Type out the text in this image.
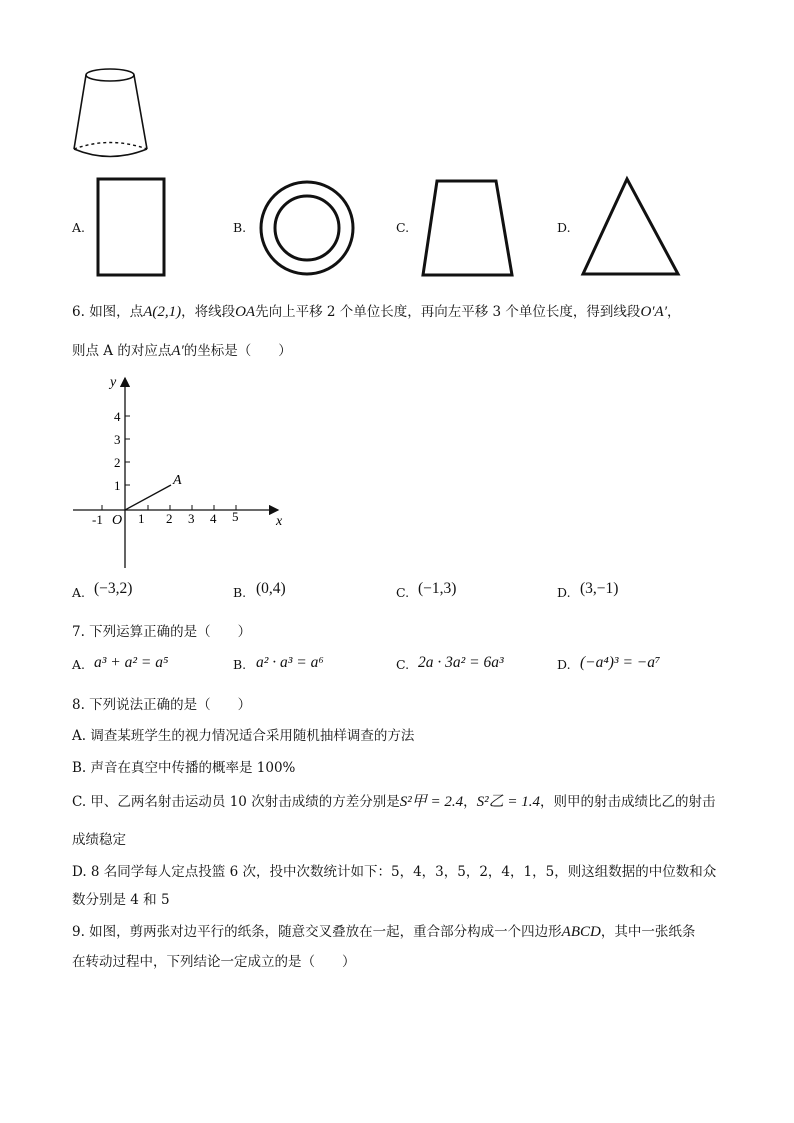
A.	B.	C.	D.
6. 如图，点A(2,1)，将线段OA先向上平移 2 个单位长度，再向左平移 3 个单位长度，得到线段O′A′，
则点 A 的对应点A′的坐标是（　　）
y
x
O
4
3
2
1
-1	1 2 3 4 5
A
A. (−3,2)	B. (0,4)	C. (−1,3)	D. (3,−1)
7. 下列运算正确的是（　　）
A. a³ + a² = a⁵	B. a² · a³ = a⁶	C. 2a · 3a² = 6a³	D. (−a⁴)³ = −a⁷
8. 下列说法正确的是（　　）
A. 调查某班学生的视力情况适合采用随机抽样调查的方法
B. 声音在真空中传播的概率是 100%
C. 甲、乙两名射击运动员 10 次射击成绩的方差分别是S²甲 = 2.4，S²乙 = 1.4，则甲的射击成绩比乙的射击
成绩稳定
D. 8 名同学每人定点投篮 6 次，投中次数统计如下：5，4，3，5，2，4，1，5，则这组数据的中位数和众
数分别是 4 和 5
9. 如图，剪两张对边平行的纸条，随意交叉叠放在一起，重合部分构成一个四边形ABCD，其中一张纸条
在转动过程中，下列结论一定成立的是（　　）
